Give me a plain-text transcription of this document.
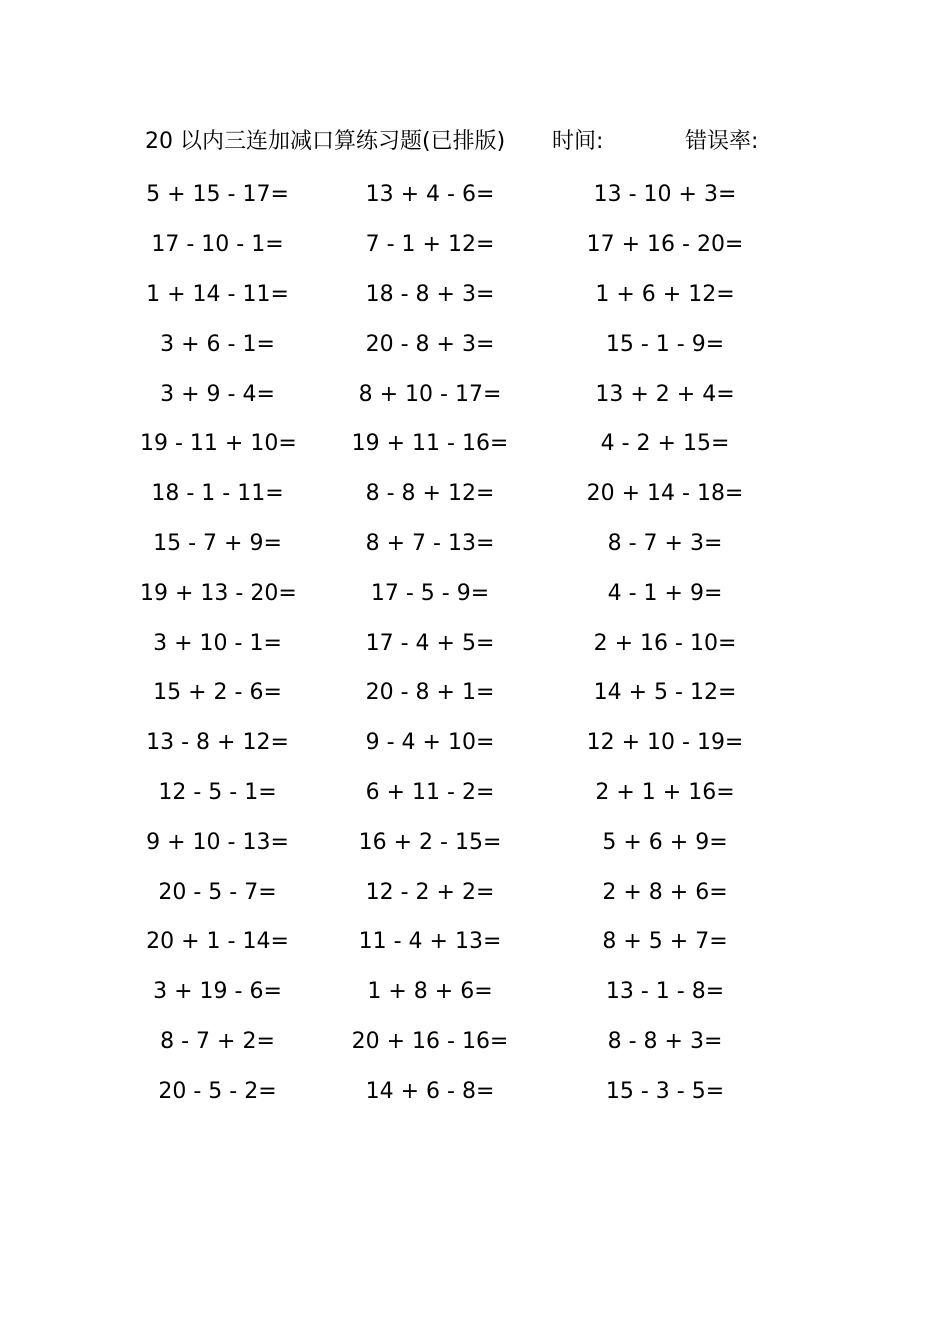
20 以内三连加减口算练习题(已排版) 时间:	错误率:
5 + 15 - 17=	13 + 4 - 6=	13 - 10 + 3=
17 - 10 - 1=	7 - 1 + 12=	17 + 16 - 20=
1 + 14 - 11=	18 - 8 + 3=	1 + 6 + 12=
3 + 6 - 1=	20 - 8 + 3=	15 - 1 - 9=
3 + 9 - 4=	8 + 10 - 17=	13 + 2 + 4=
19 - 11 + 10=	19 + 11 - 16=	4 - 2 + 15=
18 - 1 - 11=	8 - 8 + 12=	20 + 14 - 18=
15 - 7 + 9=	8 + 7 - 13=	8 - 7 + 3=
19 + 13 - 20=	17 - 5 - 9=	4 - 1 + 9=
3 + 10 - 1=	17 - 4 + 5=	2 + 16 - 10=
15 + 2 - 6=	20 - 8 + 1=	14 + 5 - 12=
13 - 8 + 12=	9 - 4 + 10=	12 + 10 - 19=
12 - 5 - 1=	6 + 11 - 2=	2 + 1 + 16=
9 + 10 - 13=	16 + 2 - 15=	5 + 6 + 9=
20 - 5 - 7=	12 - 2 + 2=	2 + 8 + 6=
20 + 1 - 14=	11 - 4 + 13=	8 + 5 + 7=
3 + 19 - 6=	1 + 8 + 6=	13 - 1 - 8=
8 - 7 + 2=	20 + 16 - 16=	8 - 8 + 3=
20 - 5 - 2=	14 + 6 - 8=	15 - 3 - 5=
